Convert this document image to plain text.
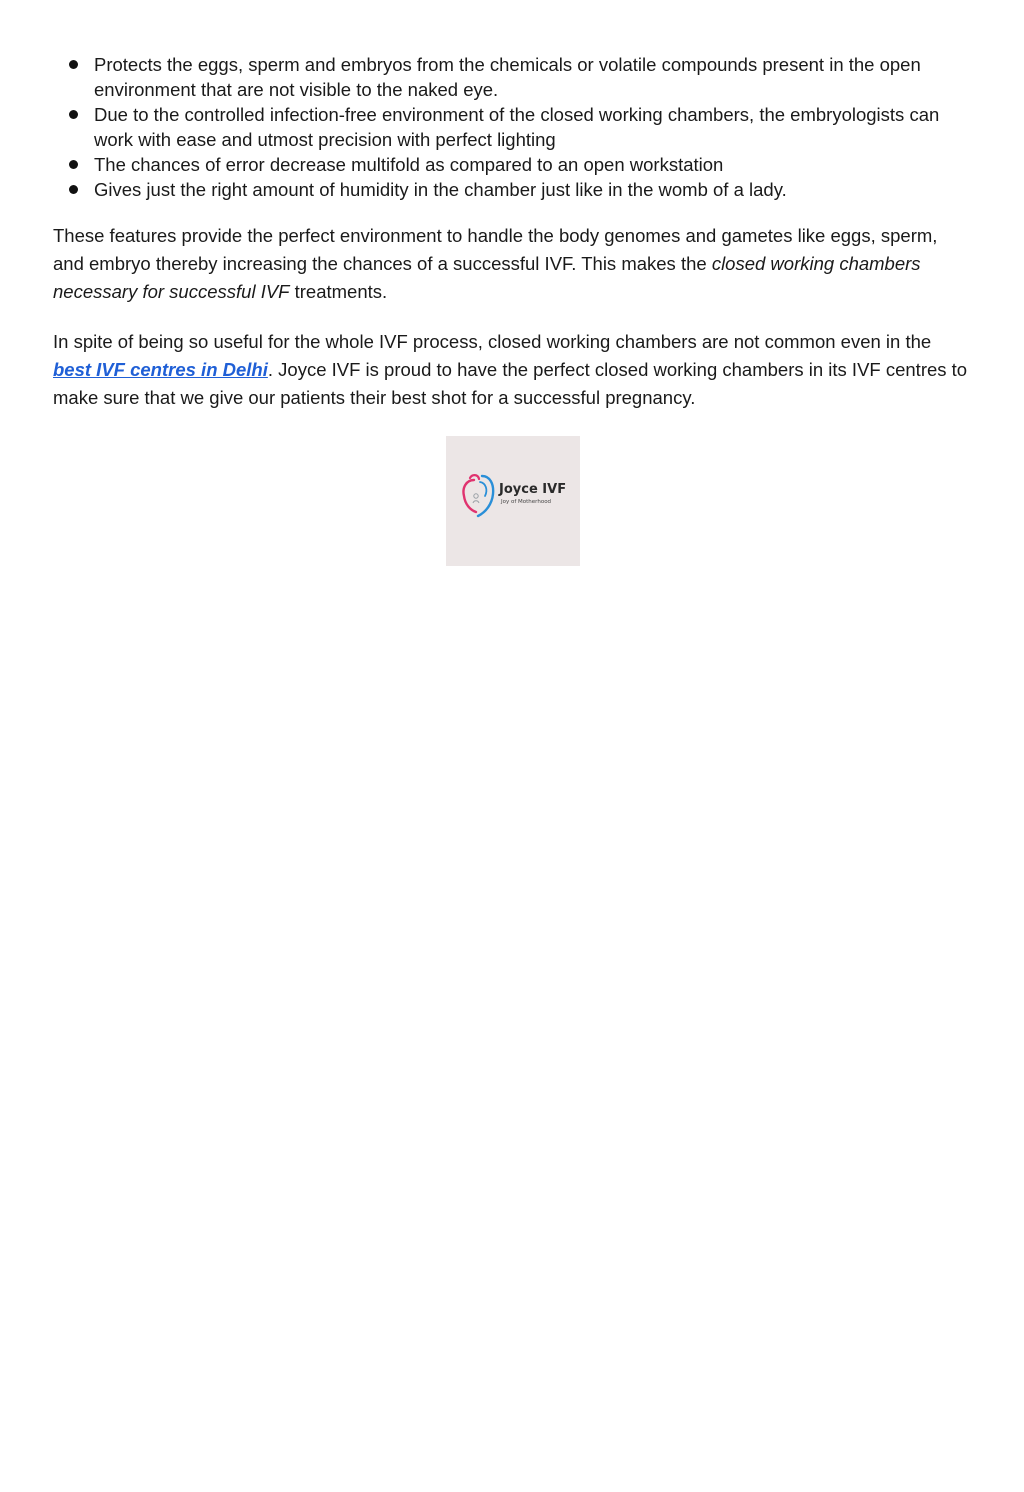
Protects the eggs, sperm and embryos from the chemicals or volatile compounds present in the open environment that are not visible to the naked eye.
Due to the controlled infection-free environment of the closed working chambers, the embryologists can work with ease and utmost precision with perfect lighting
The chances of error decrease multifold as compared to an open workstation
Gives just the right amount of humidity in the chamber just like in the womb of a lady.

These features provide the perfect environment to handle the body genomes and gametes like eggs, sperm, and embryo thereby increasing the chances of a successful IVF. This makes the closed working chambers necessary for successful IVF treatments.

In spite of being so useful for the whole IVF process, closed working chambers are not common even in the best IVF centres in Delhi. Joyce IVF is proud to have the perfect closed working chambers in its IVF centres to make sure that we give our patients their best shot for a successful pregnancy.

Joyce IVF
Joy of Motherhood
